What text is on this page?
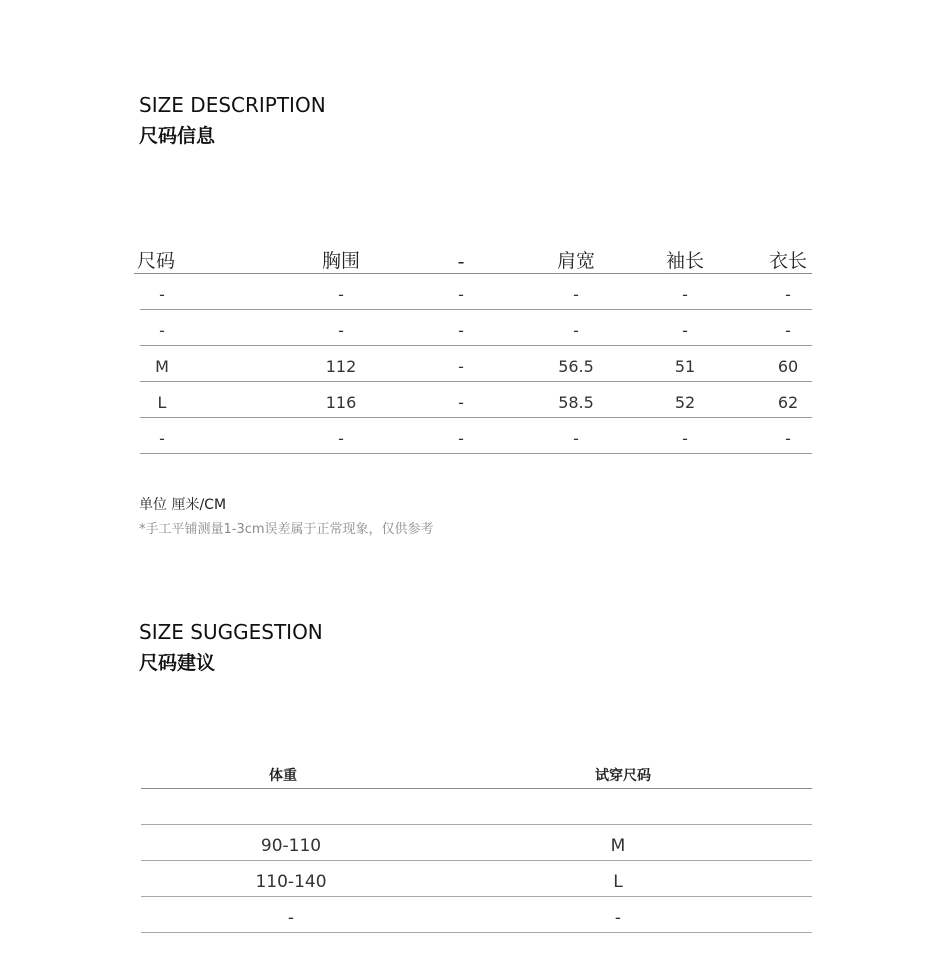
SIZE DESCRIPTION
尺码信息
尺码	胸围	-	肩宽	袖长	衣长
-	-	-	-	-	-
-	-	-	-	-	-
M	112	-	56.5	51	60
L	116	-	58.5	52	62
-	-	-	-	-	-
单位 厘米/CM
*手工平铺测量1-3cm误差属于正常现象，仅供参考
SIZE SUGGESTION
尺码建议
体重	试穿尺码
90-110	M
110-140	L
-	-
